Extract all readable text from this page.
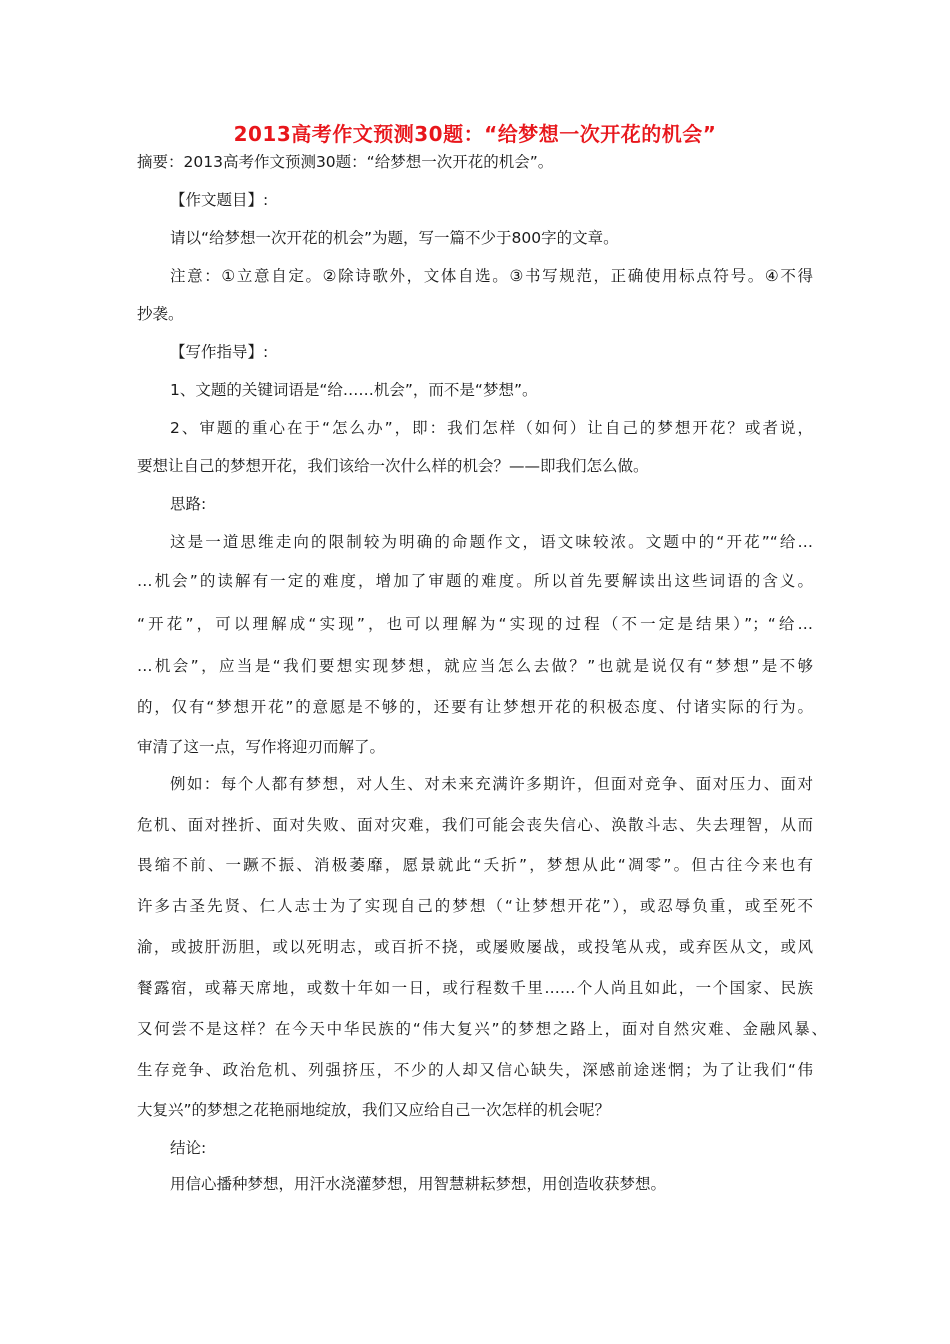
2013高考作文预测30题：“给梦想一次开花的机会”
摘要：2013高考作文预测30题：“给梦想一次开花的机会”。
【作文题目】:
请以“给梦想一次开花的机会”为题，写一篇不少于800字的文章。
注意：①立意自定。②除诗歌外，文体自选。③书写规范，正确使用标点符号。④不得
抄袭。
【写作指导】:
1、文题的关键词语是“给……机会”，而不是“梦想”。
2、审题的重心在于“怎么办”，即：我们怎样（如何）让自己的梦想开花？或者说，
要想让自己的梦想开花，我们该给一次什么样的机会？——即我们怎么做。
思路:
这是一道思维走向的限制较为明确的命题作文，语文味较浓。文题中的“开花”“给…
…机会”的读解有一定的难度，增加了审题的难度。所以首先要解读出这些词语的含义。
“开花”，可以理解成“实现”，也可以理解为“实现的过程（不一定是结果）”；“给…
…机会”，应当是“我们要想实现梦想，就应当怎么去做？”也就是说仅有“梦想”是不够
的，仅有“梦想开花”的意愿是不够的，还要有让梦想开花的积极态度、付诸实际的行为。
审清了这一点，写作将迎刃而解了。
例如：每个人都有梦想，对人生、对未来充满许多期许，但面对竞争、面对压力、面对
危机、面对挫折、面对失败、面对灾难，我们可能会丧失信心、涣散斗志、失去理智，从而
畏缩不前、一蹶不振、消极萎靡，愿景就此“夭折”，梦想从此“凋零”。但古往今来也有
许多古圣先贤、仁人志士为了实现自己的梦想（“让梦想开花”），或忍辱负重，或至死不
渝，或披肝沥胆，或以死明志，或百折不挠，或屡败屡战，或投笔从戎，或弃医从文，或风
餐露宿，或幕天席地，或数十年如一日，或行程数千里……个人尚且如此，一个国家、民族
又何尝不是这样？在今天中华民族的“伟大复兴”的梦想之路上，面对自然灾难、金融风暴、
生存竞争、政治危机、列强挤压，不少的人却又信心缺失，深感前途迷惘；为了让我们“伟
大复兴”的梦想之花艳丽地绽放，我们又应给自己一次怎样的机会呢？
结论:
用信心播种梦想，用汗水浇灌梦想，用智慧耕耘梦想，用创造收获梦想。
